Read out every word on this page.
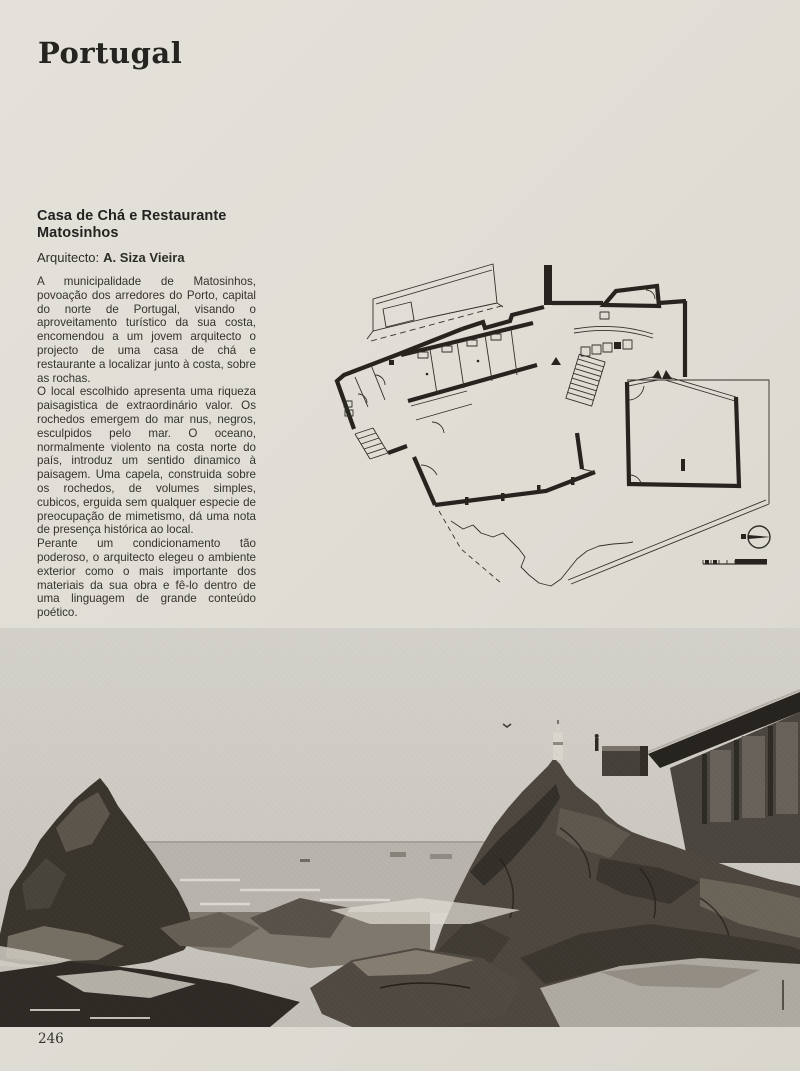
Portugal
Casa de Chá e Restaurante
Matosinhos
Arquitecto: A. Siza Vieira

A municipalidade de Matosinhos, povoação dos arredores do Porto, capital do norte de Portugal, visando o aproveitamento turístico da sua costa, encomendou a um jovem arquitecto o projecto de uma casa de chá e restaurante a localizar junto à costa, sobre as rochas.

O local escolhido apresenta uma riqueza paisagistica de extraordinário valor. Os rochedos emergem do mar nus, negros, esculpidos pelo mar. O oceano, normalmente violento na costa norte do país, introduz um sentido dinamico à paisagem. Uma capela, construida sobre os rochedos, de volumes simples, cubicos, erguida sem qualquer especie de preocupação de mimetismo, dá uma nota de presença histórica ao local.

Perante um condicionamento tão poderoso, o arquitecto elegeu o ambiente exterior como o mais importante dos materiais da sua obra e fê-lo dentro de uma linguagem de grande conteúdo poético.

246
